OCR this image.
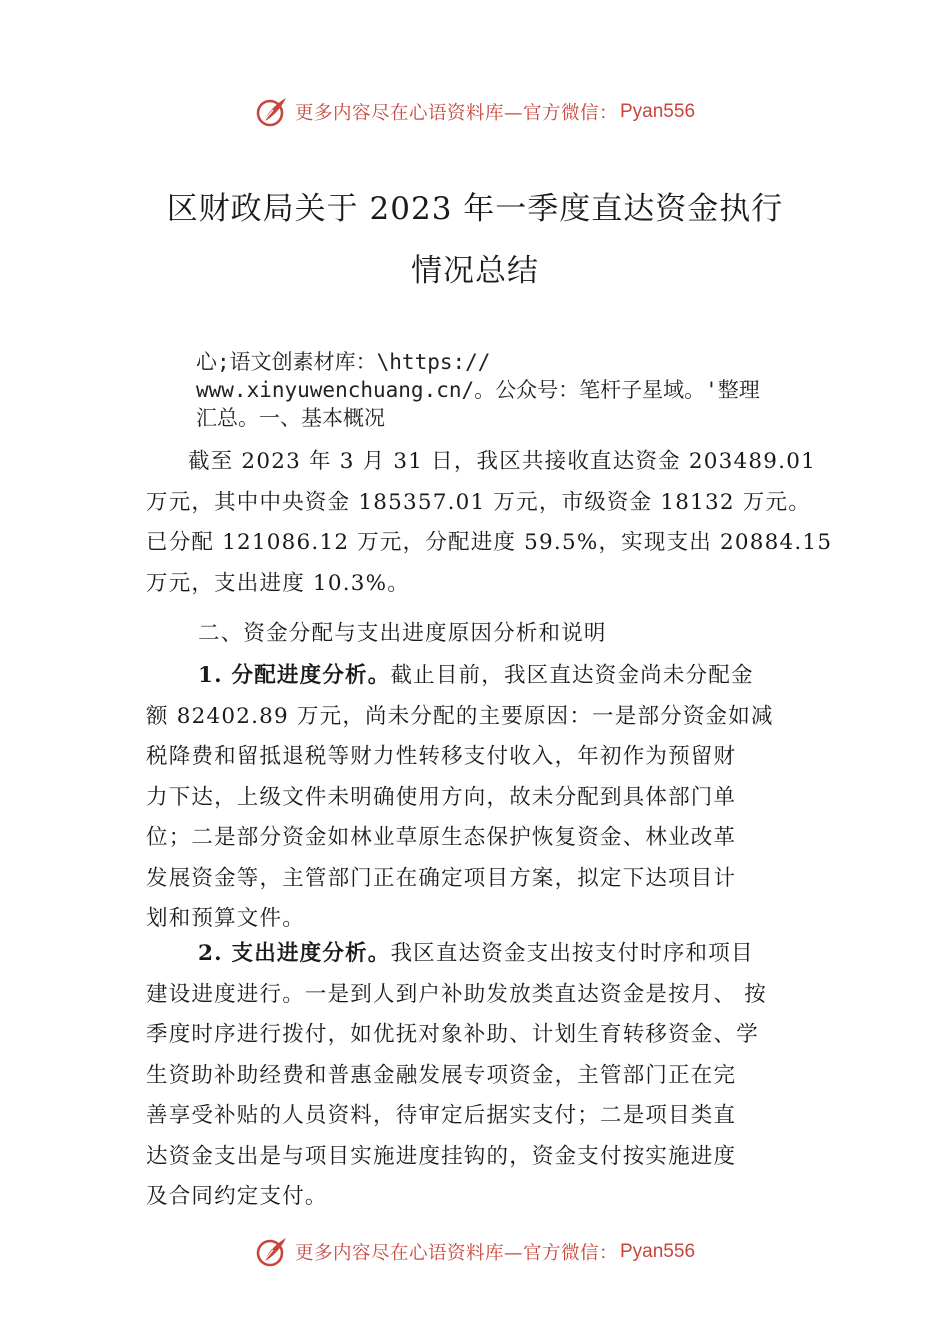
更多内容尽在心语资料库—官方微信： Pyan556
区财政局关于 2023 年一季度直达资金执行
情况总结
心;语文创素材库：\https://
www.xinyuwenchuang.cn/。公众号：笔杆子星域。'整理
汇总。一、基本概况
截至 2023 年 3 月 31 日，我区共接收直达资金 203489.01
万元，其中中央资金 185357.01 万元，市级资金 18132 万元。
已分配 121086.12 万元，分配进度 59.5%，实现支出 20884.15
万元，支出进度 10.3%。
二、资金分配与支出进度原因分析和说明
1. 分配进度分析。截止目前，我区直达资金尚未分配金
额 82402.89 万元，尚未分配的主要原因：一是部分资金如减
税降费和留抵退税等财力性转移支付收入，年初作为预留财
力下达，上级文件未明确使用方向，故未分配到具体部门单
位；二是部分资金如林业草原生态保护恢复资金、林业改革
发展资金等，主管部门正在确定项目方案，拟定下达项目计
划和预算文件。
2. 支出进度分析。我区直达资金支出按支付时序和项目
建设进度进行。一是到人到户补助发放类直达资金是按月、 按
季度时序进行拨付，如优抚对象补助、计划生育转移资金、学
生资助补助经费和普惠金融发展专项资金，主管部门正在完
善享受补贴的人员资料，待审定后据实支付；二是项目类直
达资金支出是与项目实施进度挂钩的，资金支付按实施进度
及合同约定支付。
更多内容尽在心语资料库—官方微信： Pyan556
